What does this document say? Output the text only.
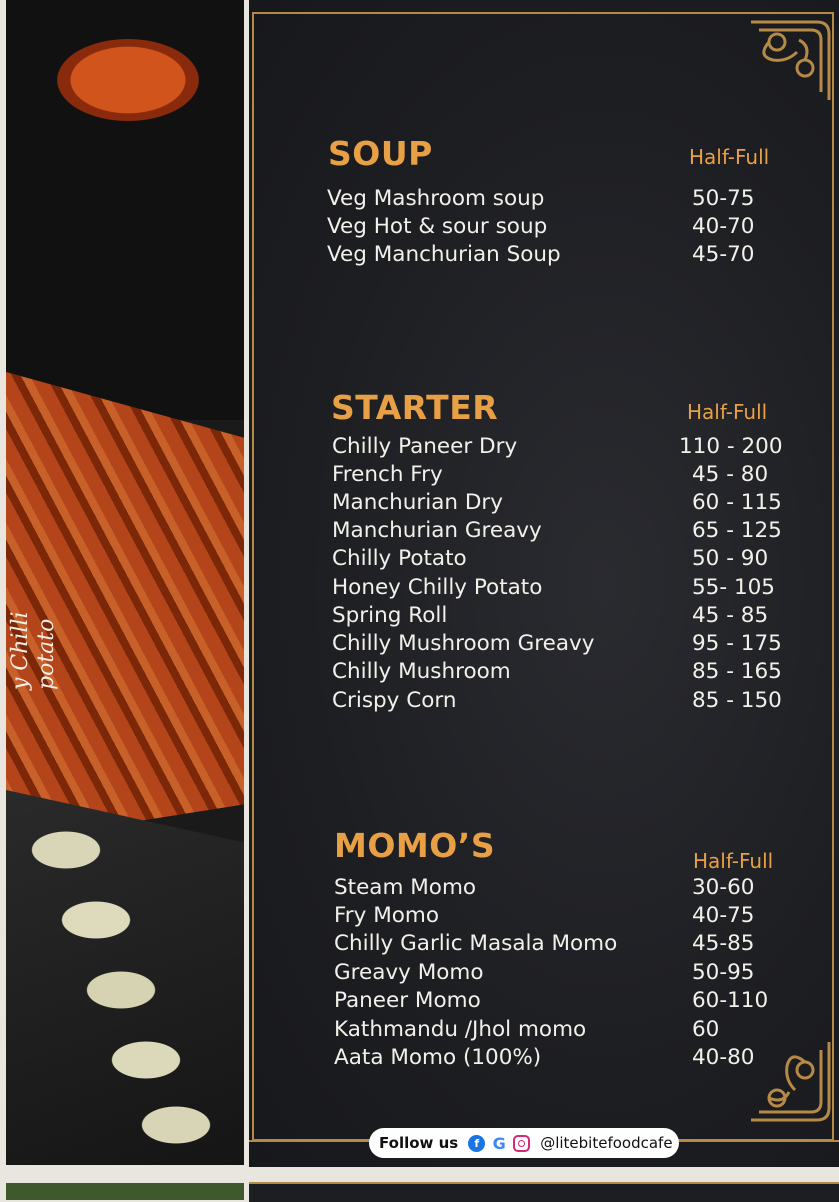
y Chilli
potato
SOUP	Half-Full
Veg Mashroom soup	50-75
Veg Hot & sour soup	40-70
Veg Manchurian Soup	45-70
STARTER	Half-Full
Chilly Paneer Dry	110 - 200
French Fry	45 - 80
Manchurian Dry	60 - 115
Manchurian Greavy	65 - 125
Chilly Potato	50 - 90
Honey Chilly Potato	55- 105
Spring Roll	45 - 85
Chilly Mushroom Greavy	95 - 175
Chilly Mushroom	85 - 165
Crispy Corn	85 - 150
MOMO’S	Half-Full
Steam Momo	30-60
Fry Momo	40-75
Chilly Garlic Masala Momo	45-85
Greavy Momo	50-95
Paneer Momo	60-110
Kathmandu /Jhol momo	60
Aata Momo (100%)	40-80
Follow us	f G @litebitefoodcafe
